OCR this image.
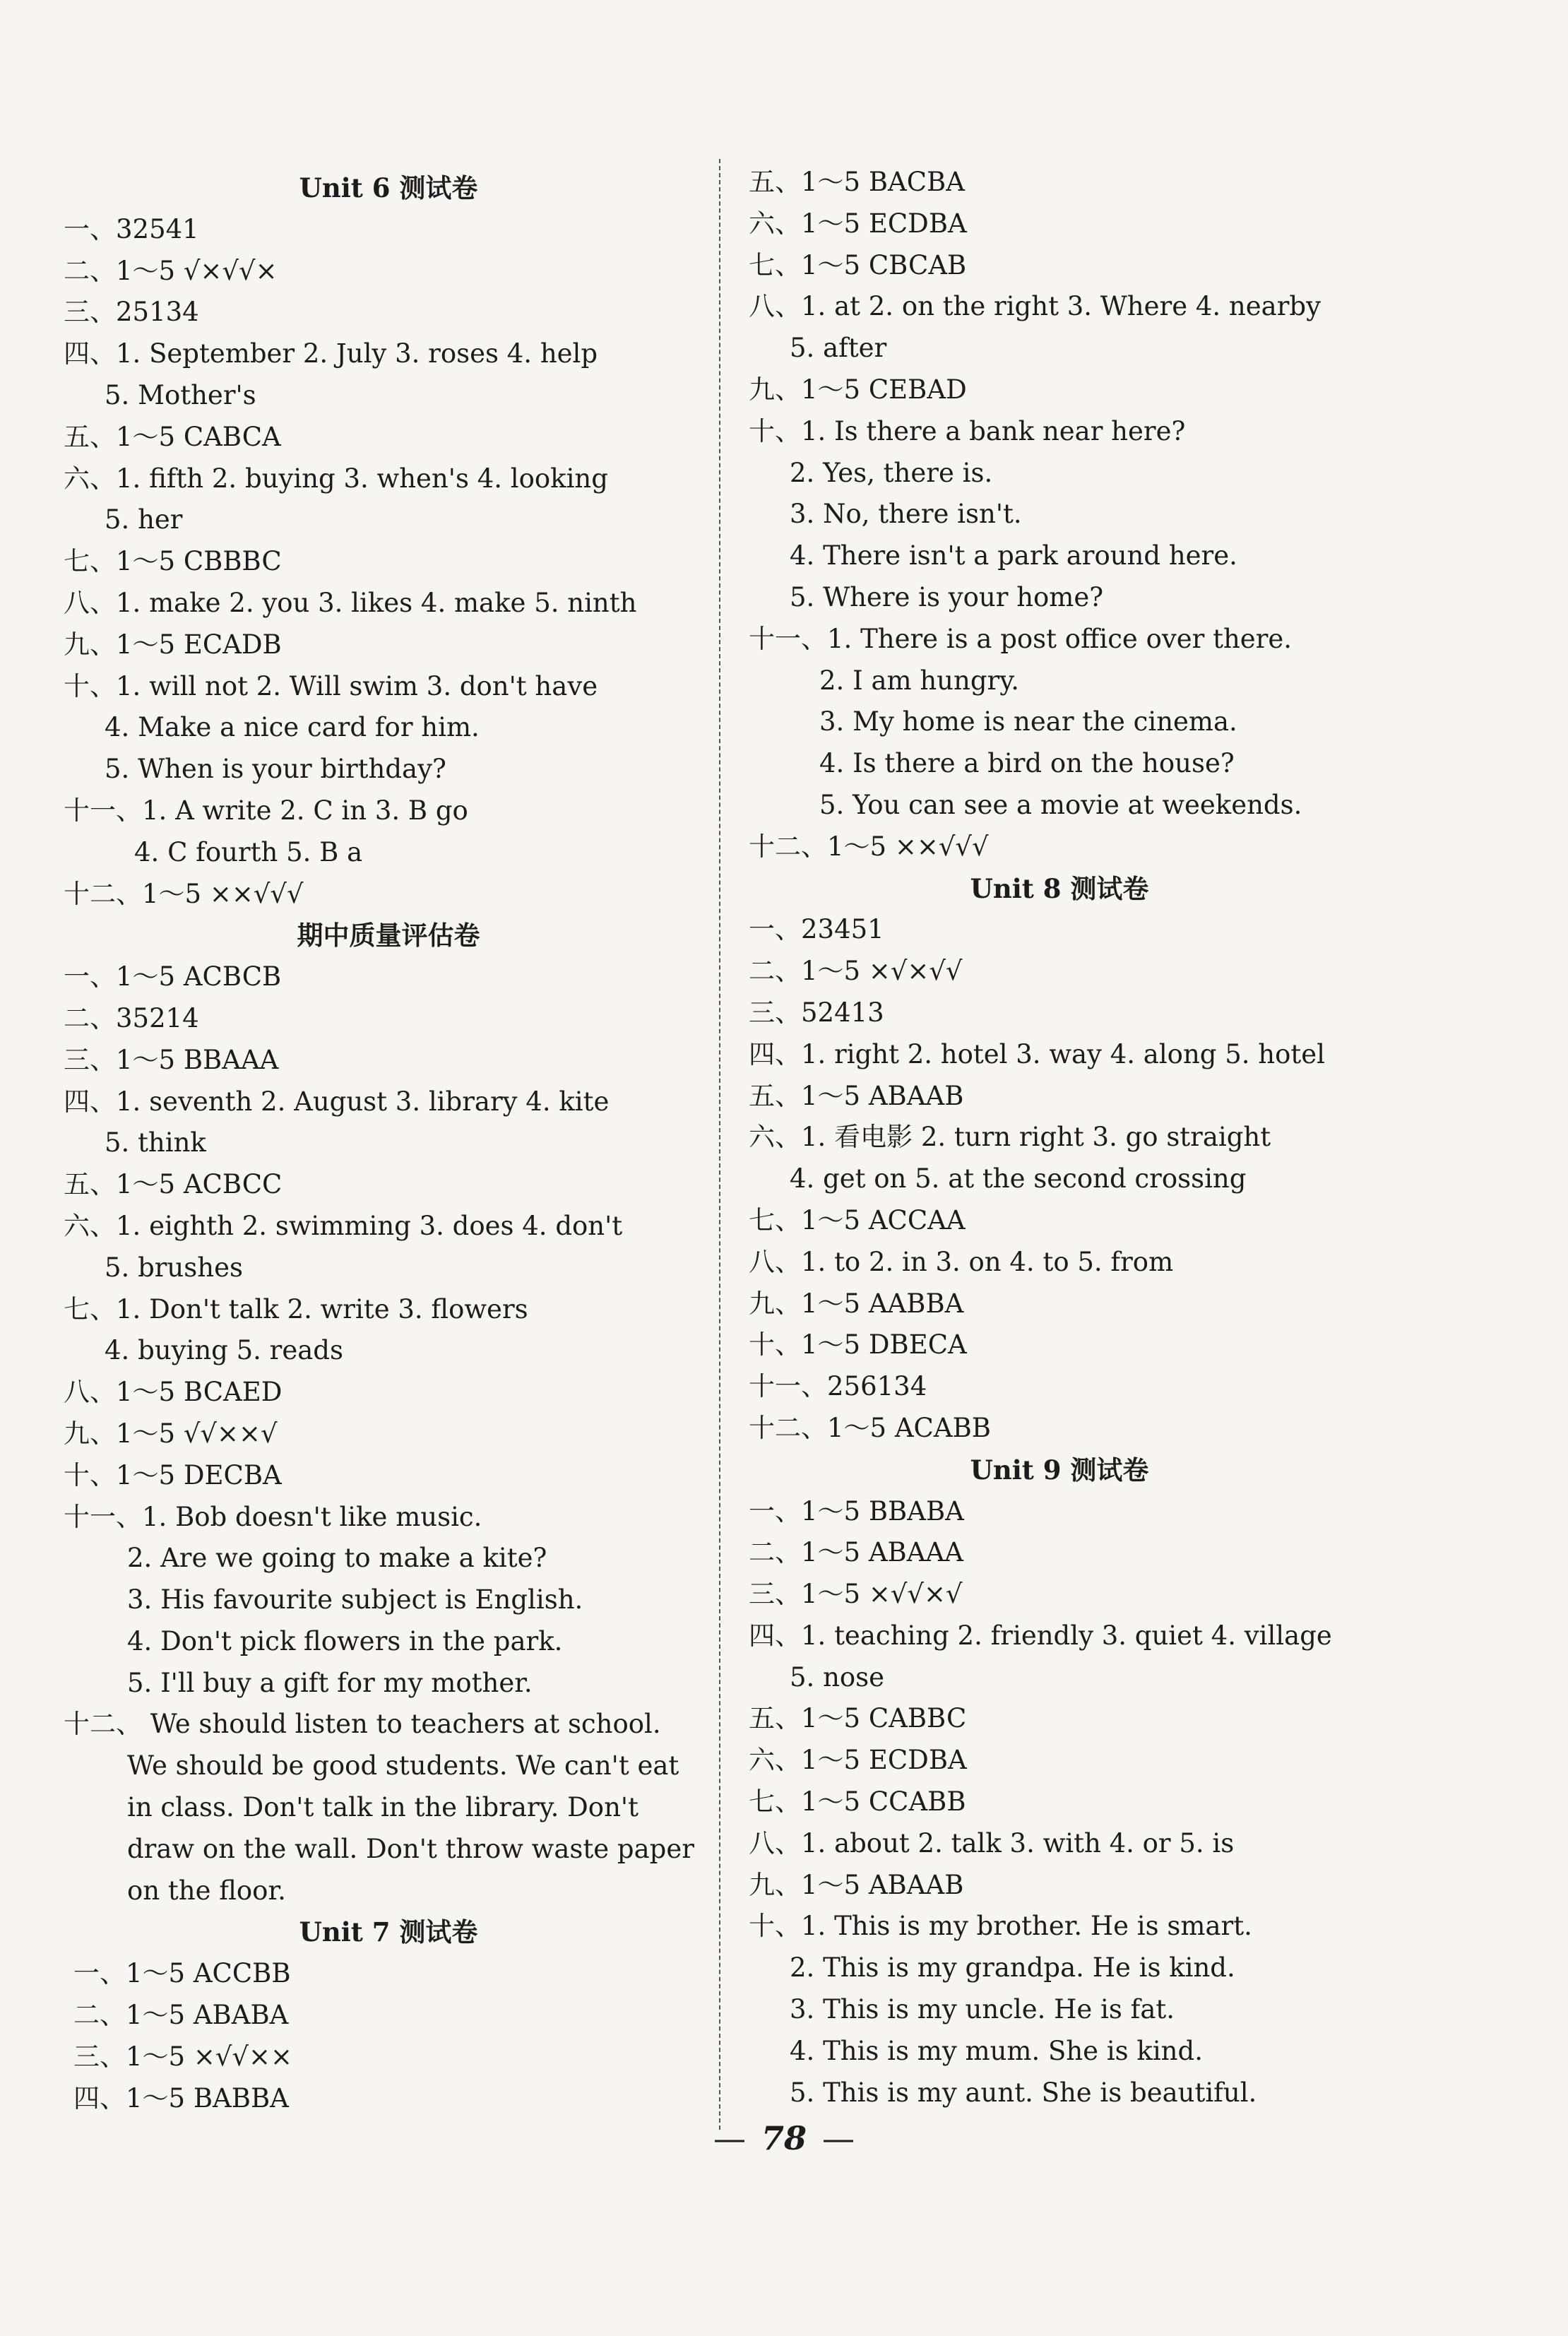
Unit 6 测试卷
一、32541
二、1～5 √×√√×
三、25134
四、1. September 2. July 3. roses 4. help
5. Mother's
五、1～5 CABCA
六、1. fifth 2. buying 3. when's 4. looking
5. her
七、1～5 CBBBC
八、1. make 2. you 3. likes 4. make 5. ninth
九、1～5 ECADB
十、1. will not 2. Will swim 3. don't have
4. Make a nice card for him.
5. When is your birthday?
十一、1. A write 2. C in 3. B go
4. C fourth 5. B a
十二、1～5 ××√√√
期中质量评估卷
一、1～5 ACBCB
二、35214
三、1～5 BBAAA
四、1. seventh 2. August 3. library 4. kite
5. think
五、1～5 ACBCC
六、1. eighth 2. swimming 3. does 4. don't
5. brushes
七、1. Don't talk 2. write 3. flowers
4. buying 5. reads
八、1～5 BCAED
九、1～5 √√××√
十、1～5 DECBA
十一、1. Bob doesn't like music.
2. Are we going to make a kite?
3. His favourite subject is English.
4. Don't pick flowers in the park.
5. I'll buy a gift for my mother.
十二、 We should listen to teachers at school.
We should be good students. We can't eat
in class. Don't talk in the library. Don't
draw on the wall. Don't throw waste paper
on the floor.
Unit 7 测试卷
一、1～5 ACCBB
二、1～5 ABABA
三、1～5 ×√√××
四、1～5 BABBA
五、1～5 BACBA
六、1～5 ECDBA
七、1～5 CBCAB
八、1. at 2. on the right 3. Where 4. nearby
5. after
九、1～5 CEBAD
十、1. Is there a bank near here?
2. Yes, there is.
3. No, there isn't.
4. There isn't a park around here.
5. Where is your home?
十一、1. There is a post office over there.
2. I am hungry.
3. My home is near the cinema.
4. Is there a bird on the house?
5. You can see a movie at weekends.
十二、1～5 ××√√√
Unit 8 测试卷
一、23451
二、1～5 ×√×√√
三、52413
四、1. right 2. hotel 3. way 4. along 5. hotel
五、1～5 ABAAB
六、1. 看电影 2. turn right 3. go straight
4. get on 5. at the second crossing
七、1～5 ACCAA
八、1. to 2. in 3. on 4. to 5. from
九、1～5 AABBA
十、1～5 DBECA
十一、256134
十二、1～5 ACABB
Unit 9 测试卷
一、1～5 BBABA
二、1～5 ABAAA
三、1～5 ×√√×√
四、1. teaching 2. friendly 3. quiet 4. village
5. nose
五、1～5 CABBC
六、1～5 ECDBA
七、1～5 CCABB
八、1. about 2. talk 3. with 4. or 5. is
九、1～5 ABAAB
十、1. This is my brother. He is smart.
2. This is my grandpa. He is kind.
3. This is my uncle. He is fat.
4. This is my mum. She is kind.
5. This is my aunt. She is beautiful.
— 78 —
